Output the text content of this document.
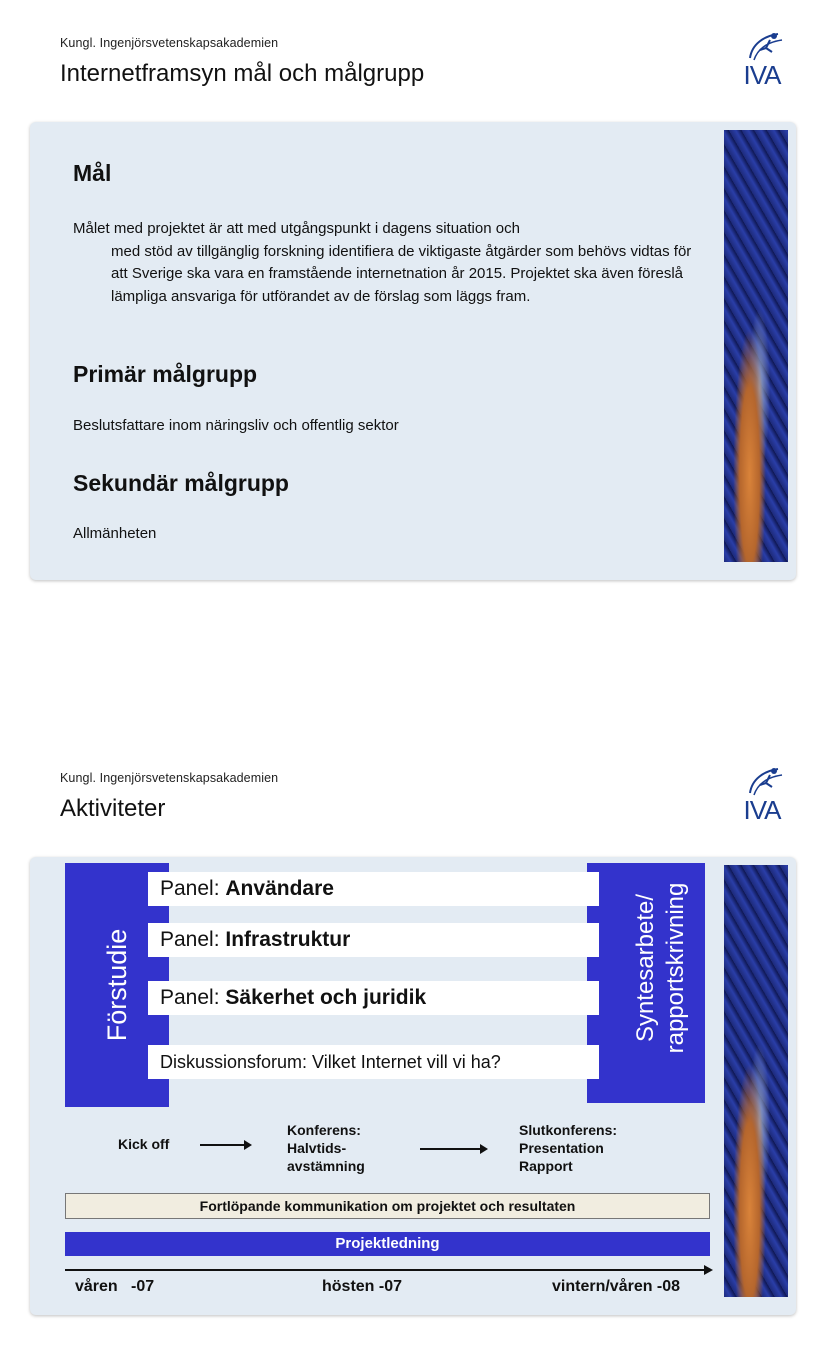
Kungl. Ingenjörsvetenskapsakademien
Internetframsyn mål och målgrupp	IVA
Mål
Målet med projektet är att med utgångspunkt i dagens situation och
med stöd av tillgänglig forskning identifiera de viktigaste åtgärder som behövs vidtas för att Sverige ska vara en framstående internetnation år 2015. Projektet ska även föreslå lämpliga ansvariga för utförandet av de förslag som läggs fram.
Primär målgrupp
Beslutsfattare inom näringsliv och offentlig sektor
Sekundär målgrupp
Allmänheten
Kungl. Ingenjörsvetenskapsakademien
Aktiviteter	IVA
Förstudie	Syntesarbete/ rapportskrivning
Panel: Användare
Panel: Infrastruktur
Panel: Säkerhet och juridik
Diskussionsforum: Vilket Internet vill vi ha?
Kick off
Konferens:
Halvtids-
avstämning
Slutkonferens:
Presentation
Rapport
Fortlöpande kommunikation om projektet och resultaten
Projektledning
våren   -07	hösten -07	vintern/våren -08
